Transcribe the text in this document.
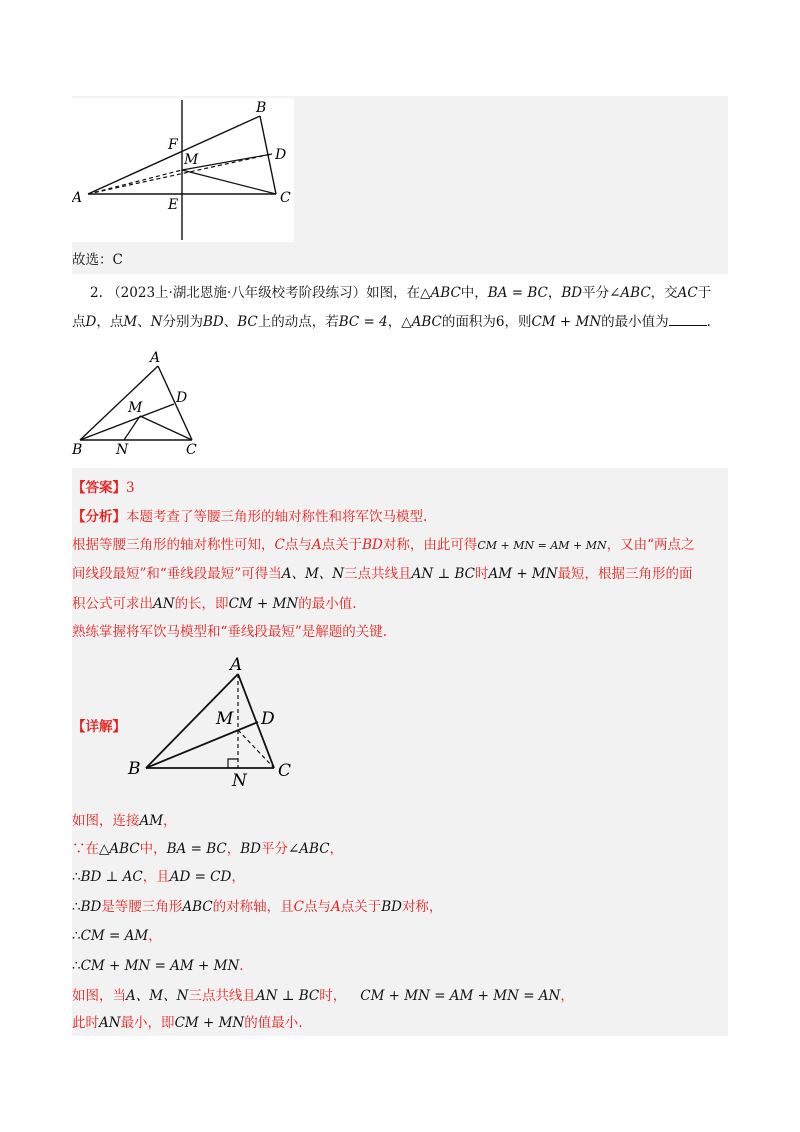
A
B
C
D
E
F
M
故选：C
2. （2023上·湖北恩施·八年级校考阶段练习）如图，在△ABC中，BA = BC，BD平分∠ABC，交AC于
点D，点M、N分别为BD、BC上的动点，若BC = 4，△ABC的面积为6，则CM + MN的最小值为	.
A
B	C
D
M
N
【答案】3
【分析】本题考查了等腰三角形的轴对称性和将军饮马模型.
根据等腰三角形的轴对称性可知，C点与A点关于BD对称，由此可得CM + MN = AM + MN，又由“两点之
间线段最短”和“垂线段最短”可得当A、M、N三点共线且AN ⊥ BC时AM + MN最短，根据三角形的面
积公式可求出AN的长，即CM + MN的最小值.
熟练掌握将军饮马模型和“垂线段最短”是解题的关键.
【详解】
A
B	C
D
M
N
如图，连接AM，
∵在△ABC中，BA = BC，BD平分∠ABC，
∴BD ⊥ AC，且AD = CD，
∴BD是等腰三角形ABC的对称轴，且C点与A点关于BD对称，
∴CM = AM，
∴CM + MN = AM + MN.
如图，当A、M、N三点共线且AN ⊥ BC时， CM + MN = AM + MN = AN，
此时AN最小，即CM + MN的值最小.
